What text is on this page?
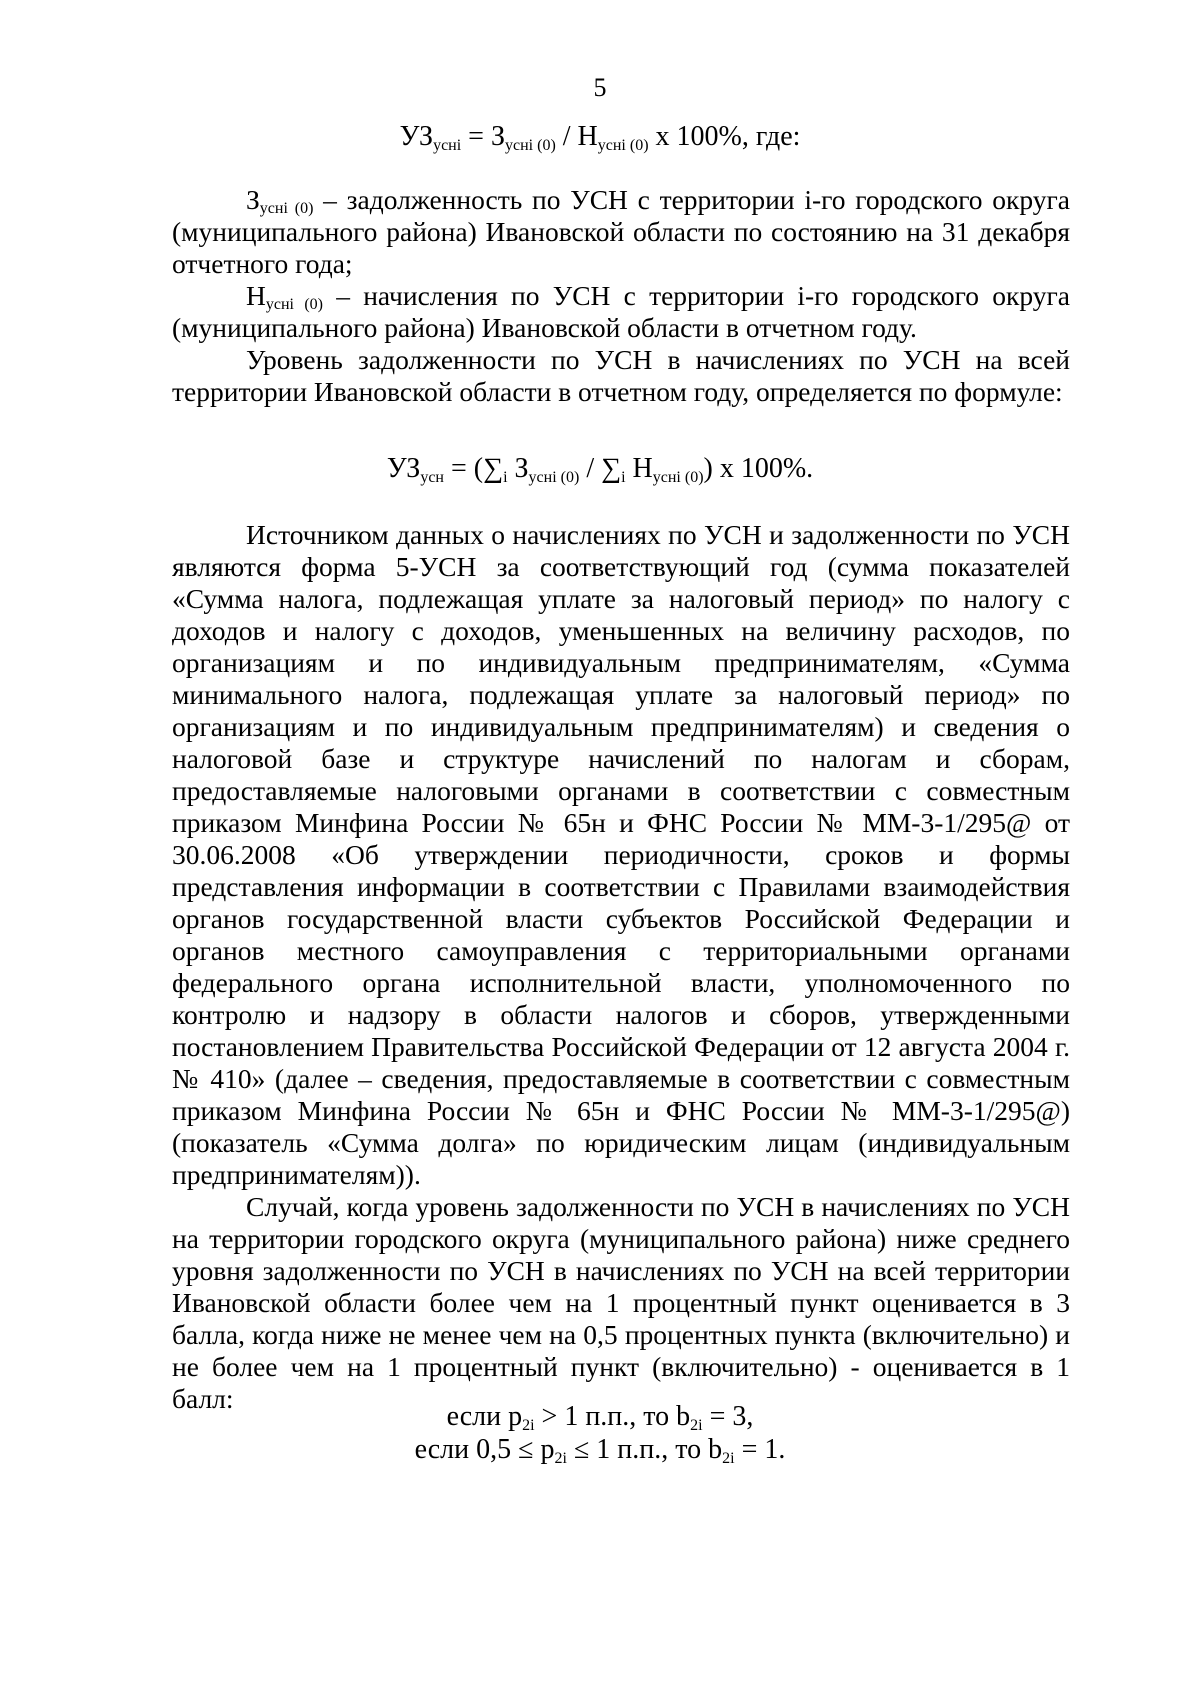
5
$УЗ_{усні} = З_{усні (0)} / Н_{усні (0)}$ х 100%, где:

$З_{усні (0)}$ – задолженность по УСН с территории i-го городского округа (муниципального района) Ивановской области по состоянию на 31 декабря отчетного года;

$Н_{усні (0)}$ – начисления по УСН с территории i-го городского округа (муниципального района) Ивановской области в отчетном году.

Уровень задолженности по УСН в начислениях по УСН на всей территории Ивановской области в отчетном году, определяется по формуле:

$УЗ_{усн} = (\sum_i$ $З_{усні (0)} / \sum_i$ $Н_{усні (0)}$) х 100%.

Источником данных о начислениях по УСН и задолженности по УСН являются форма 5-УСН за соответствующий год (сумма показателей «Сумма налога, подлежащая уплате за налоговый период» по налогу с доходов и налогу с доходов, уменьшенных на величину расходов, по организациям и по индивидуальным предпринимателям, «Сумма минимального налога, подлежащая уплате за налоговый период» по организациям и по индивидуальным предпринимателям) и сведения о налоговой базе и структуре начислений по налогам и сборам, предоставляемые налоговыми органами в соответствии с совместным приказом Минфина России № 65н и ФНС России № ММ-3-1/295@ от 30.06.2008 «Об утверждении периодичности, сроков и формы представления информации в соответствии с Правилами взаимодействия органов государственной власти субъектов Российской Федерации и органов местного самоуправления с территориальными органами федерального органа исполнительной власти, уполномоченного по контролю и надзору в области налогов и сборов, утвержденными постановлением Правительства Российской Федерации от 12 августа 2004 г. № 410» (далее – сведения, предоставляемые в соответствии с совместным приказом Минфина России № 65н и ФНС России № ММ-3-1/295@) (показатель «Сумма долга» по юридическим лицам (индивидуальным предпринимателям)).

Случай, когда уровень задолженности по УСН в начислениях по УСН на территории городского округа (муниципального района) ниже среднего уровня задолженности по УСН в начислениях по УСН на всей территории Ивановской области более чем на 1 процентный пункт оценивается в 3 балла, когда ниже не менее чем на 0,5 процентных пункта (включительно) и не более чем на 1 процентный пункт (включительно) - оценивается в 1 балл:

если $p_{2i} > 1$ п.п., то $b_{2i} = 3$,
если $0,5 \le p_{2i} \le 1$ п.п., то $b_{2i} = 1$.
